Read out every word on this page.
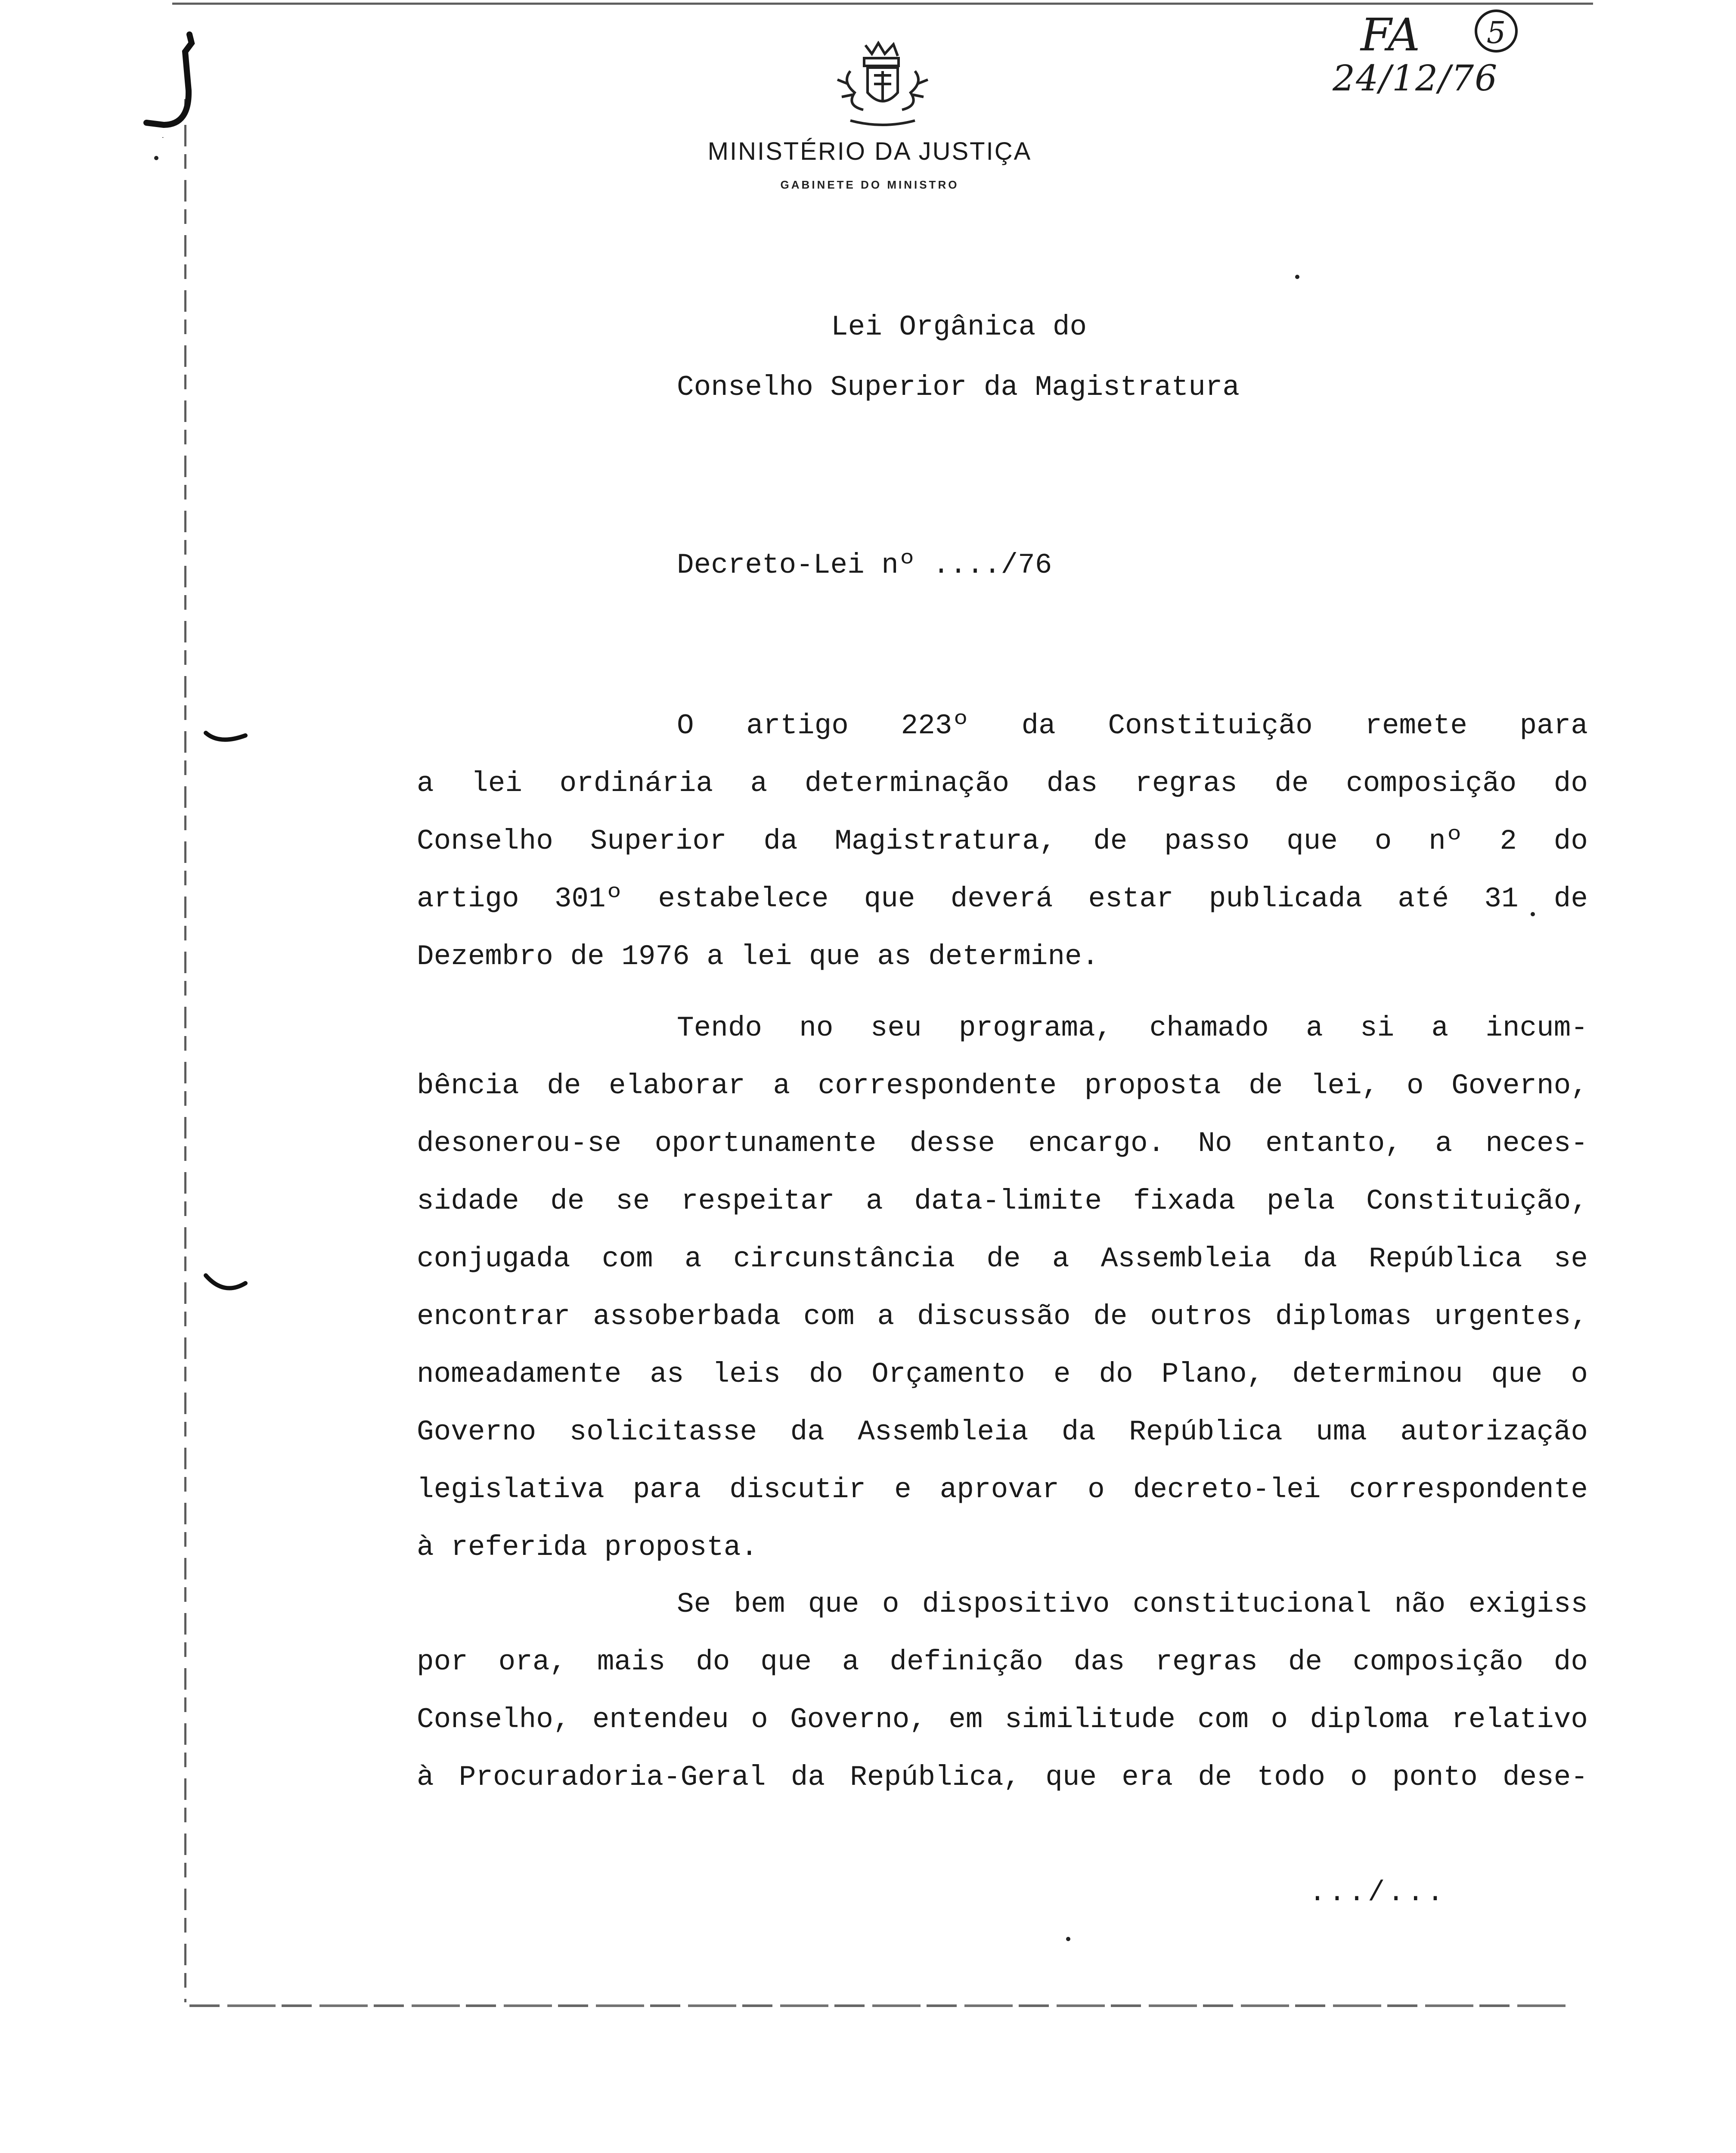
MINISTÉRIO DA JUSTIÇA
GABINETE DO MINISTRO
FA	5
24/12/76
Lei Orgânica do
Conselho Superior da Magistratura
Decreto-Lei nº ..../76
O artigo 223º da Constituição remete para
a lei ordinária a determinação das regras de composição do
Conselho Superior da Magistratura, de passo que o nº 2 do
artigo 301º estabelece que deverá estar publicada até 31 de
Dezembro de 1976 a lei que as determine.
Tendo no seu programa, chamado a si a incum-
bência de elaborar a correspondente proposta de lei, o Governo,
desonerou-se oportunamente desse encargo. No entanto, a neces-
sidade de se respeitar a data-limite fixada pela Constituição,
conjugada com a circunstância de a Assembleia da República se
encontrar assoberbada com a discussão de outros diplomas urgentes,
nomeadamente as leis do Orçamento e do Plano, determinou que o
Governo solicitasse da Assembleia da República uma autorização
legislativa para discutir e aprovar o decreto-lei correspondente
à referida proposta.
Se bem que o dispositivo constitucional não exigiss
por ora, mais do que a definição das regras de composição do
Conselho, entendeu o Governo, em similitude com o diploma relativo
à Procuradoria-Geral da República, que era de todo o ponto dese-
.../...
